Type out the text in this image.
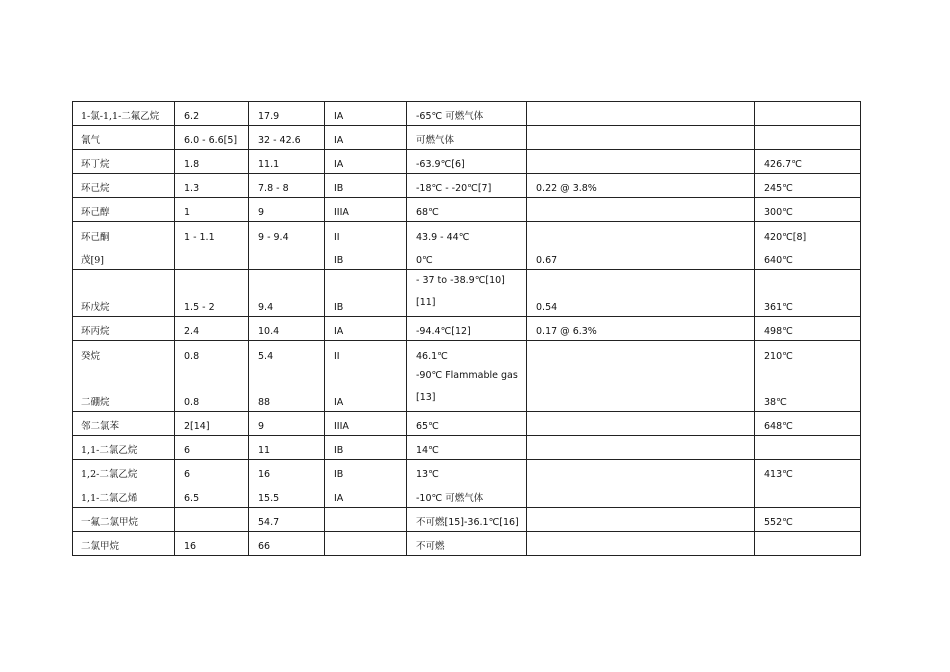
1-氯-1,1-二氟乙烷	6.2	17.9	IA	-65℃ 可燃气体		

氰气	6.0 - 6.6[5]	32 - 42.6	IA	可燃气体		

环丁烷	1.8	11.1	IA	-63.9℃[6]		426.7℃

环己烷	1.3	7.8 - 8	IB	-18℃ - -20℃[7]	0.22 @ 3.8%	245℃

环己醇	1	9	IIIA	68℃		300℃

环己酮	1 - 1.1	9 - 9.4	II	43.9 - 44℃		420℃[8]

茂[9]			IB	0℃	0.67	640℃

环戊烷	1.5 - 2	9.4	IB	- 37 to -38.9℃[10][11]	0.54	361℃

环丙烷	2.4	10.4	IA	-94.4℃[12]	0.17 @ 6.3%	498℃

癸烷	0.8	5.4	II	46.1℃		210℃

二硼烷	0.8	88	IA	-90℃ Flammable gas [13]		38℃

邻二氯苯	2[14]	9	IIIA	65℃		648℃

1,1-二氯乙烷	6	11	IB	14℃		

1,2-二氯乙烷	6	16	IB	13℃		413℃

1,1-二氯乙烯	6.5	15.5	IA	-10℃ 可燃气体		

一氟二氯甲烷		54.7		不可燃[15]-36.1℃[16]		552℃

二氯甲烷	16	66		不可燃		
